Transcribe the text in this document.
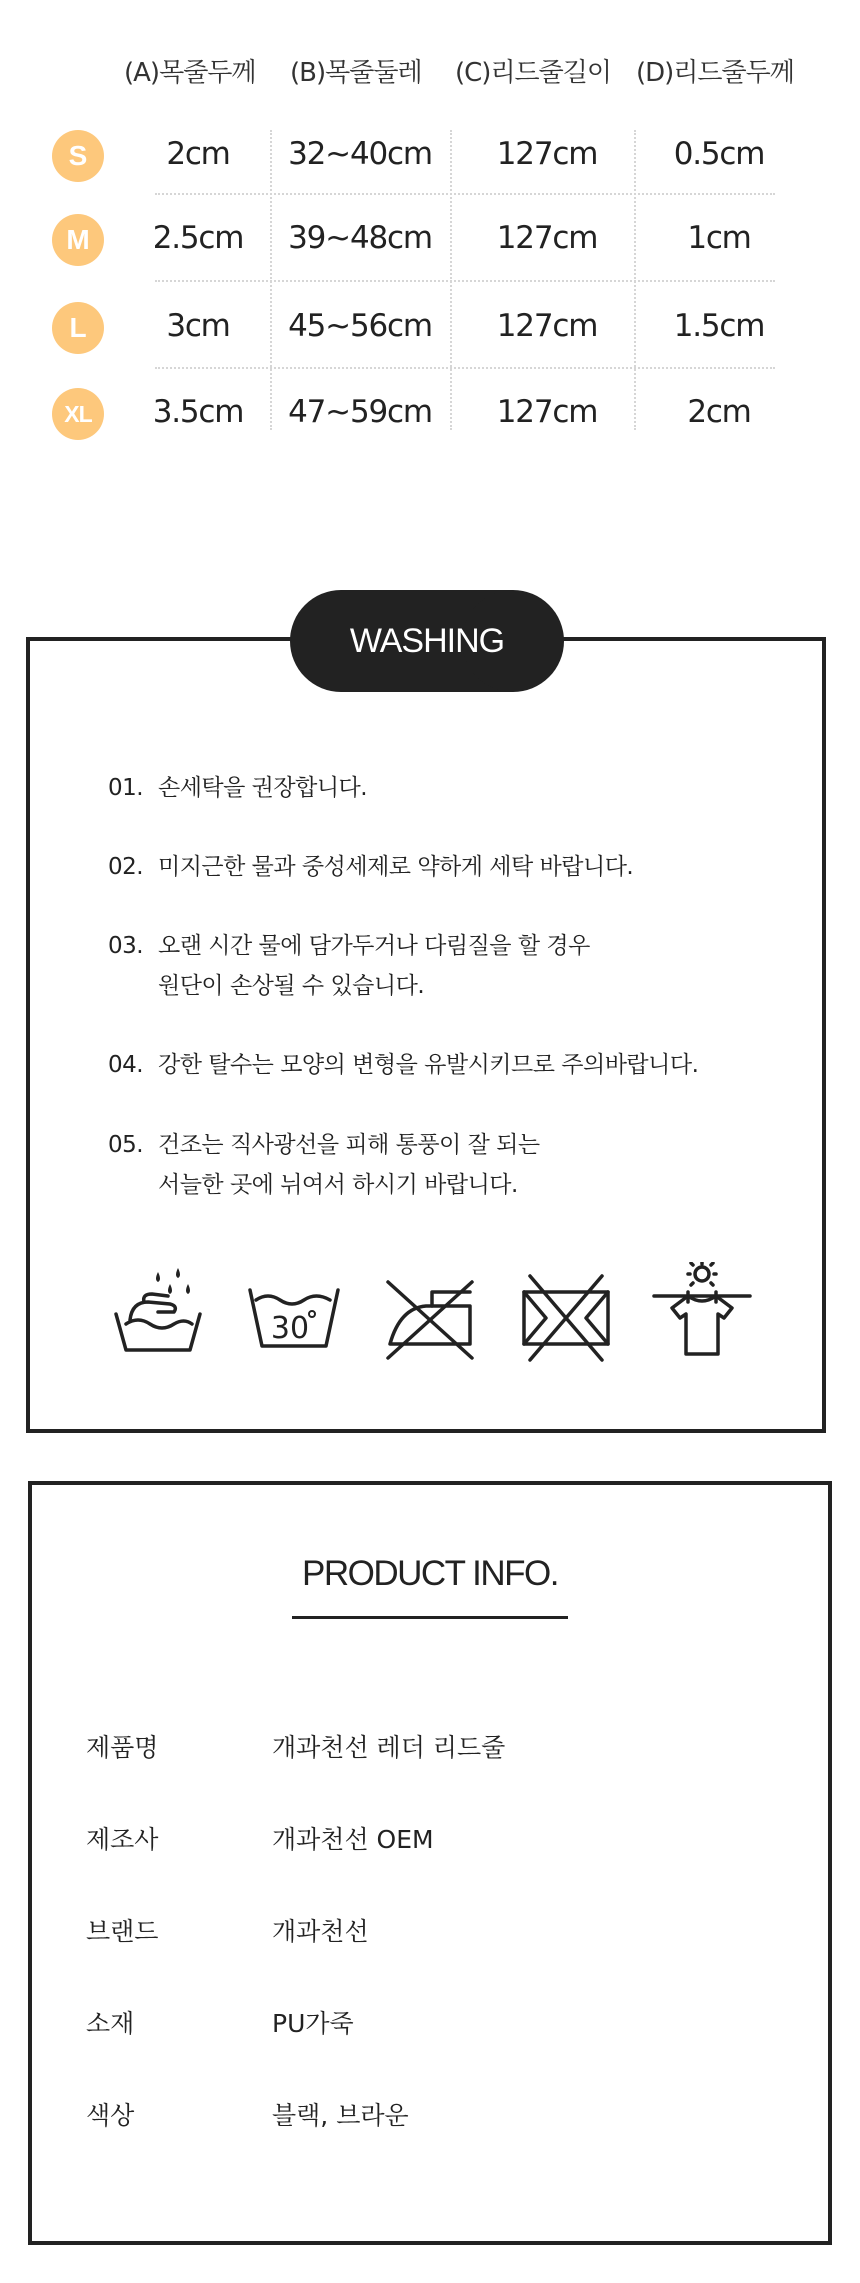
(A)목줄두께 (B)목줄둘레 (C)리드줄길이 (D)리드줄두께
S	2cm	32~40cm	127cm	0.5cm
M	2.5cm	39~48cm	127cm	1cm
L	3cm	45~56cm	127cm	1.5cm
XL	3.5cm	47~59cm	127cm	2cm
WASHING
01. 손세탁을 권장합니다.
02. 미지근한 물과 중성세제로 약하게 세탁 바랍니다.
03. 오랜 시간 물에 담가두거나 다림질을 할 경우
원단이 손상될 수 있습니다.
04. 강한 탈수는 모양의 변형을 유발시키므로 주의바랍니다.
05. 건조는 직사광선을 피해 통풍이 잘 되는
서늘한 곳에 뉘여서 하시기 바랍니다.
30
PRODUCT INFO.
제품명	개과천선 레더 리드줄
제조사	개과천선 OEM
브랜드	개과천선
소재	PU가죽
색상	블랙, 브라운
